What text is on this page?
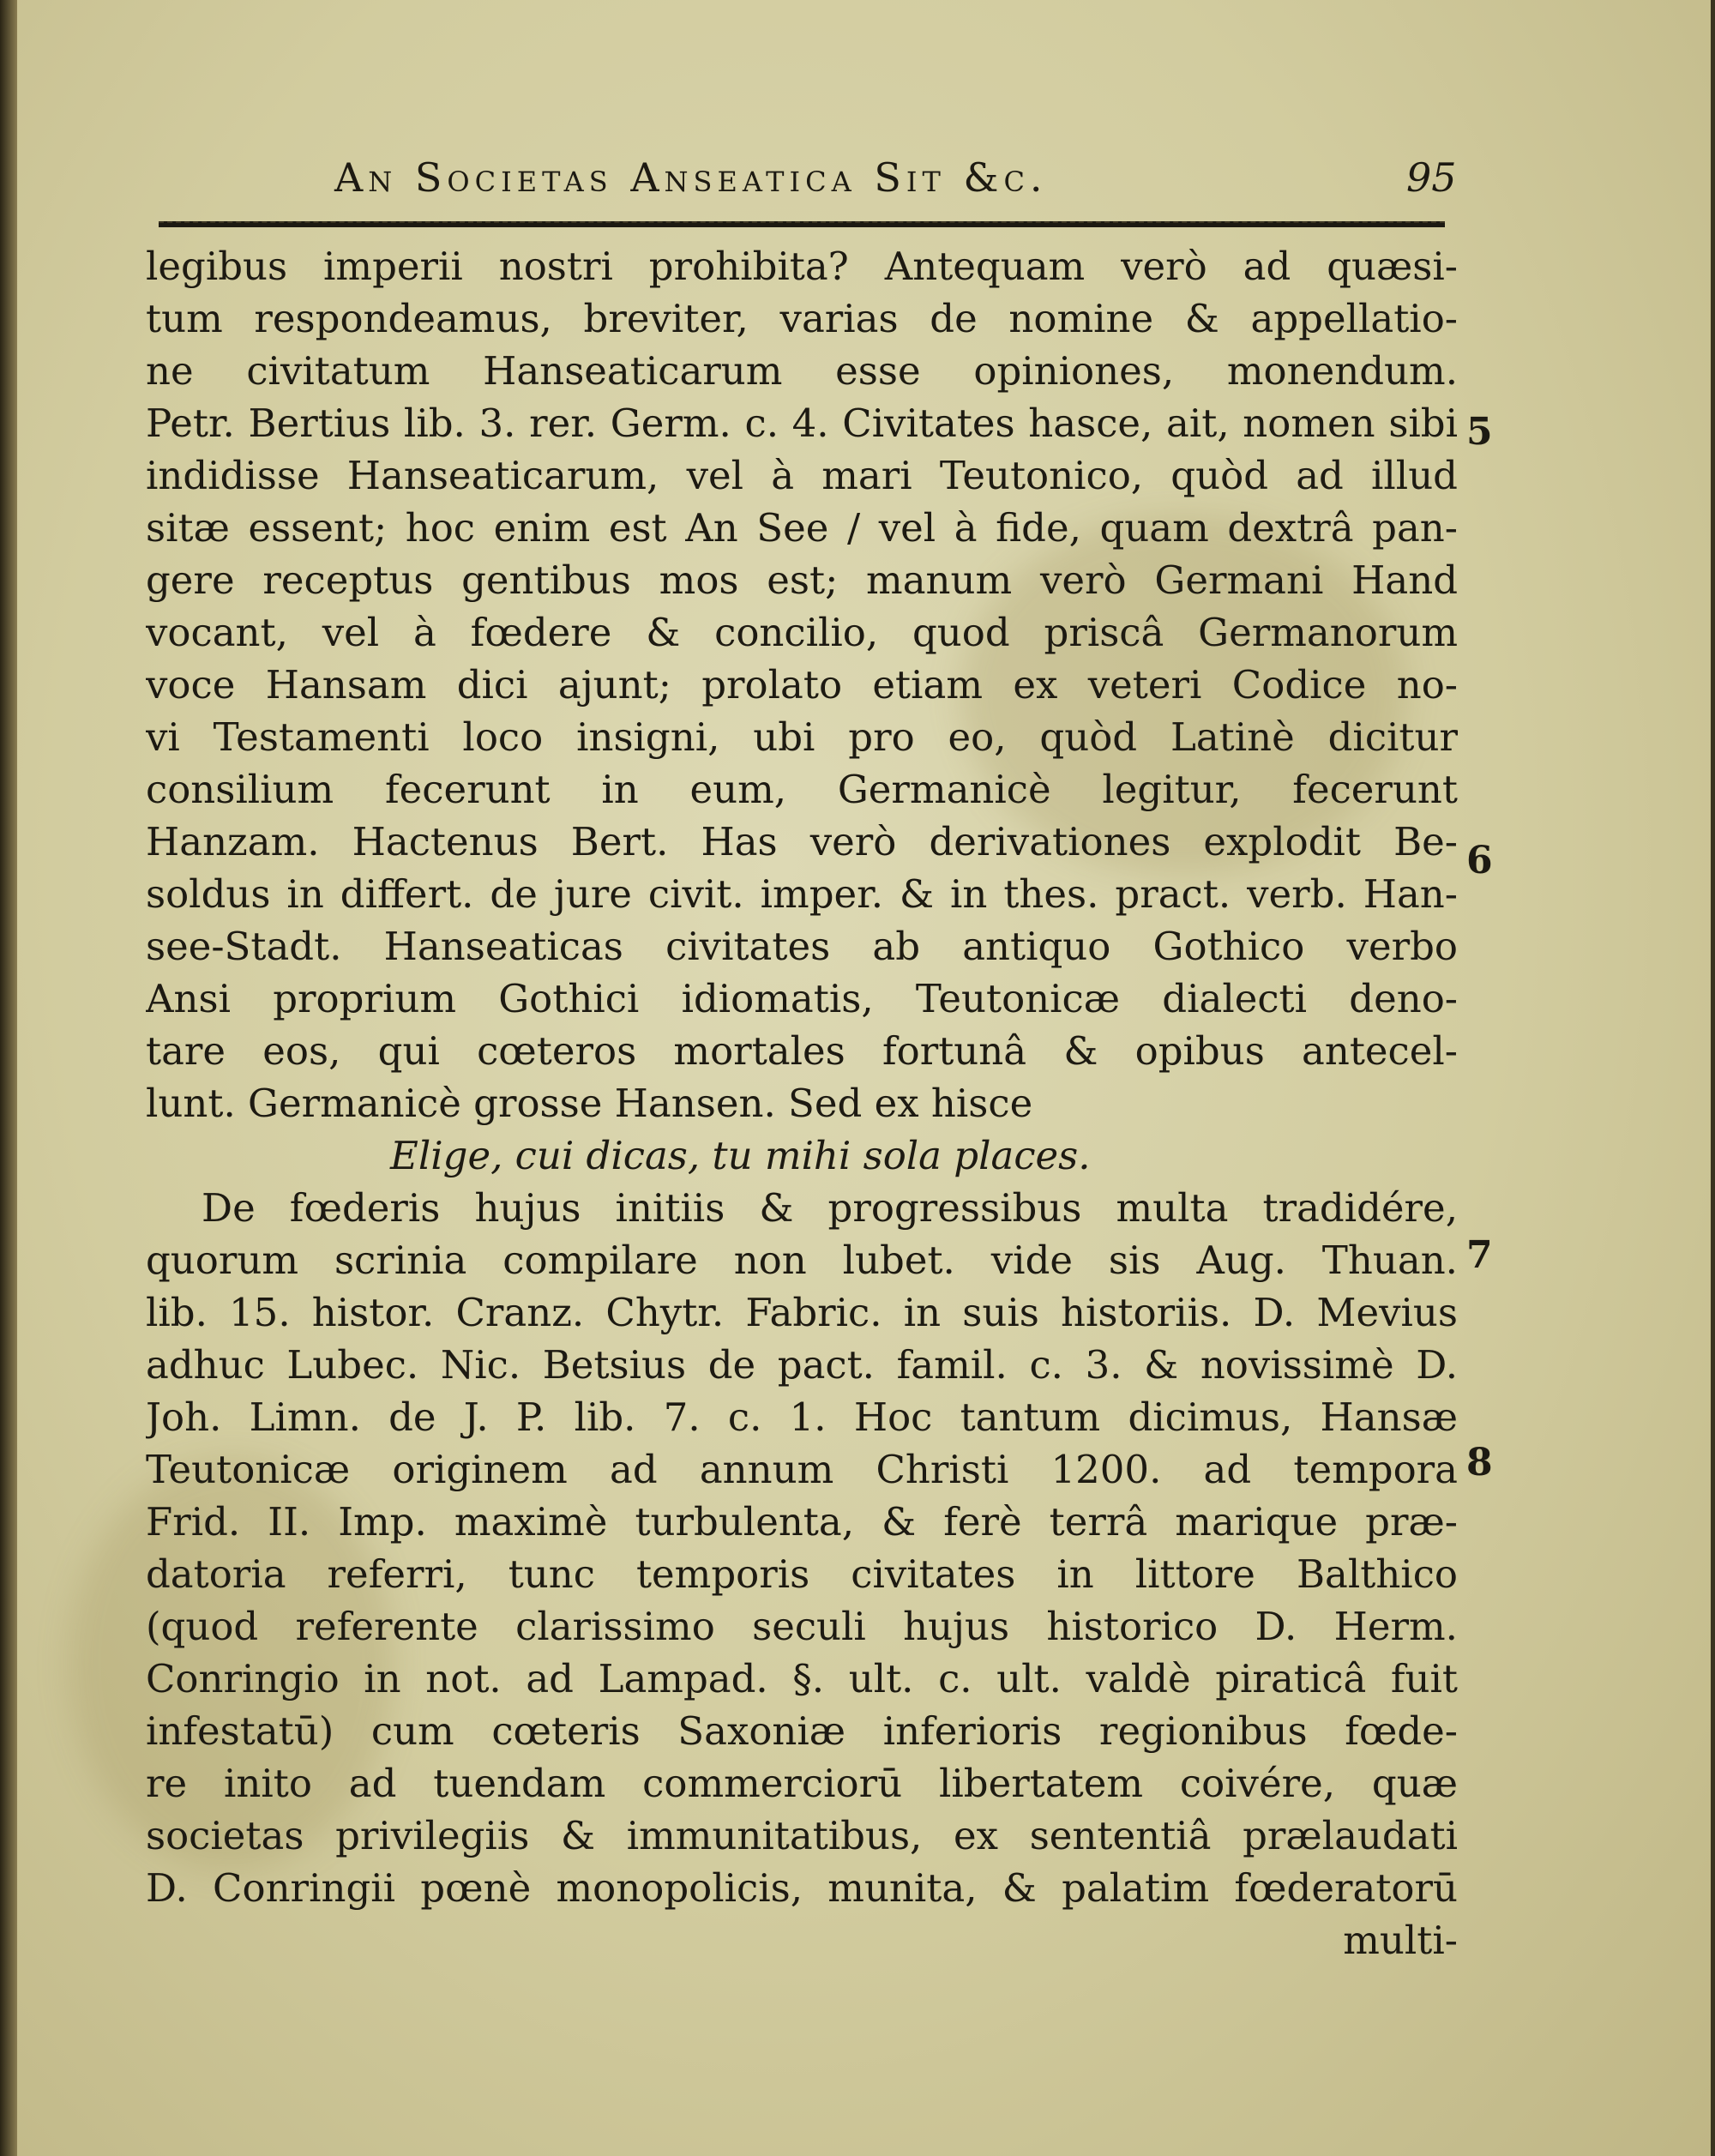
An Societas Anseatica Sit &c.	95
legibus imperii nostri prohibita? Antequam verò ad quæsi-
tum respondeamus, breviter, varias de nomine & appellatio-
ne civitatum Hanseaticarum esse opiniones, monendum.
Petr. Bertius lib. 3. rer. Germ. c. 4. Civitates hasce, ait, nomen sibi
indidisse Hanseaticarum, vel à mari Teutonico, quòd ad illud
sitæ essent; hoc enim est An See / vel à fide, quam dextrâ pan-
gere receptus gentibus mos est; manum verò Germani Hand
vocant, vel à fœdere & concilio, quod priscâ Germanorum
voce Hansam dici ajunt; prolato etiam ex veteri Codice no-
vi Testamenti loco insigni, ubi pro eo, quòd Latinè dicitur
consilium fecerunt in eum, Germanicè legitur, fecerunt
Hanzam. Hactenus Bert. Has verò derivationes explodit Be-
soldus in differt. de jure civit. imper. & in thes. pract. verb. Han-
see-Stadt. Hanseaticas civitates ab antiquo Gothico verbo
Ansi proprium Gothici idiomatis, Teutonicæ dialecti deno-
tare eos, qui cœteros mortales fortunâ & opibus antecel-
lunt. Germanicè grosse Hansen. Sed ex hisce
Elige, cui dicas, tu mihi sola places.
De fœderis hujus initiis & progressibus multa tradidére,
quorum scrinia compilare non lubet. vide sis Aug. Thuan.
lib. 15. histor. Cranz. Chytr. Fabric. in suis historiis. D. Mevius
adhuc Lubec. Nic. Betsius de pact. famil. c. 3. & novissimè D.
Joh. Limn. de J. P. lib. 7. c. 1. Hoc tantum dicimus, Hansæ
Teutonicæ originem ad annum Christi 1200. ad tempora
Frid. II. Imp. maximè turbulenta, & ferè terrâ marique præ-
datoria referri, tunc temporis civitates in littore Balthico
(quod referente clarissimo seculi hujus historico D. Herm.
Conringio in not. ad Lampad. §. ult. c. ult. valdè piraticâ fuit
infestatū) cum cœteris Saxoniæ inferioris regionibus fœde-
re inito ad tuendam commerciorū libertatem coivére, quæ
societas privilegiis & immunitatibus, ex sententiâ prælaudati
D. Conringii pœnè monopolicis, munita, & palatim fœderatorū
multi-
5
6
7
8
